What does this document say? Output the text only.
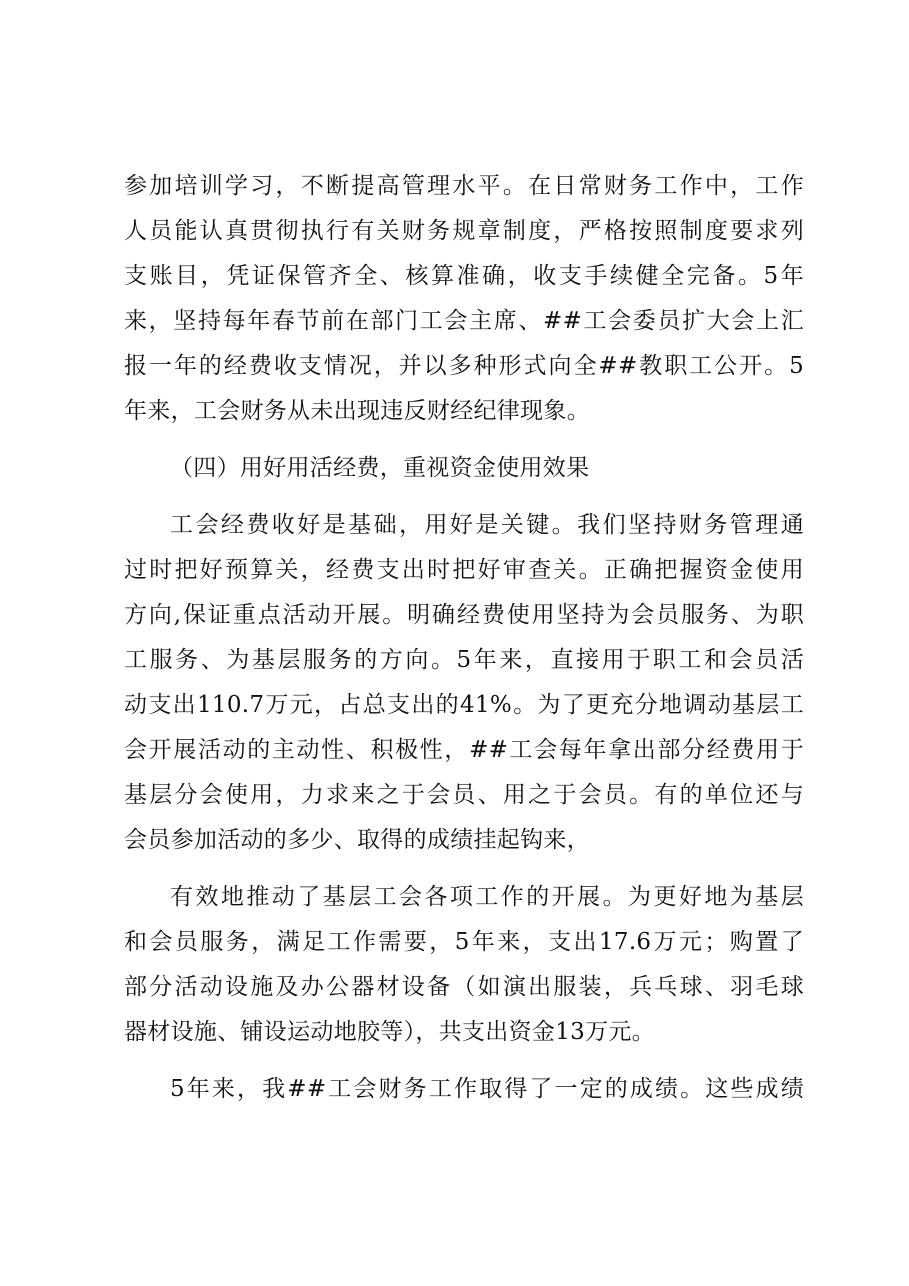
参加培训学习，不断提高管理水平。在日常财务工作中，工作
人员能认真贯彻执行有关财务规章制度，严格按照制度要求列
支账目，凭证保管齐全、核算准确，收支手续健全完备。5年
来，坚持每年春节前在部门工会主席、##工会委员扩大会上汇
报一年的经费收支情况，并以多种形式向全##教职工公开。5
年来，工会财务从未出现违反财经纪律现象。
（四）用好用活经费，重视资金使用效果
工会经费收好是基础，用好是关键。我们坚持财务管理通
过时把好预算关，经费支出时把好审查关。正确把握资金使用
方向,保证重点活动开展。明确经费使用坚持为会员服务、为职
工服务、为基层服务的方向。5年来，直接用于职工和会员活
动支出110.7万元，占总支出的41%。为了更充分地调动基层工
会开展活动的主动性、积极性，##工会每年拿出部分经费用于
基层分会使用，力求来之于会员、用之于会员。有的单位还与
会员参加活动的多少、取得的成绩挂起钩来，
有效地推动了基层工会各项工作的开展。为更好地为基层
和会员服务，满足工作需要，5年来，支出17.6万元；购置了
部分活动设施及办公器材设备（如演出服装，兵乓球、羽毛球
器材设施、铺设运动地胶等），共支出资金13万元。
5年来，我##工会财务工作取得了一定的成绩。这些成绩
